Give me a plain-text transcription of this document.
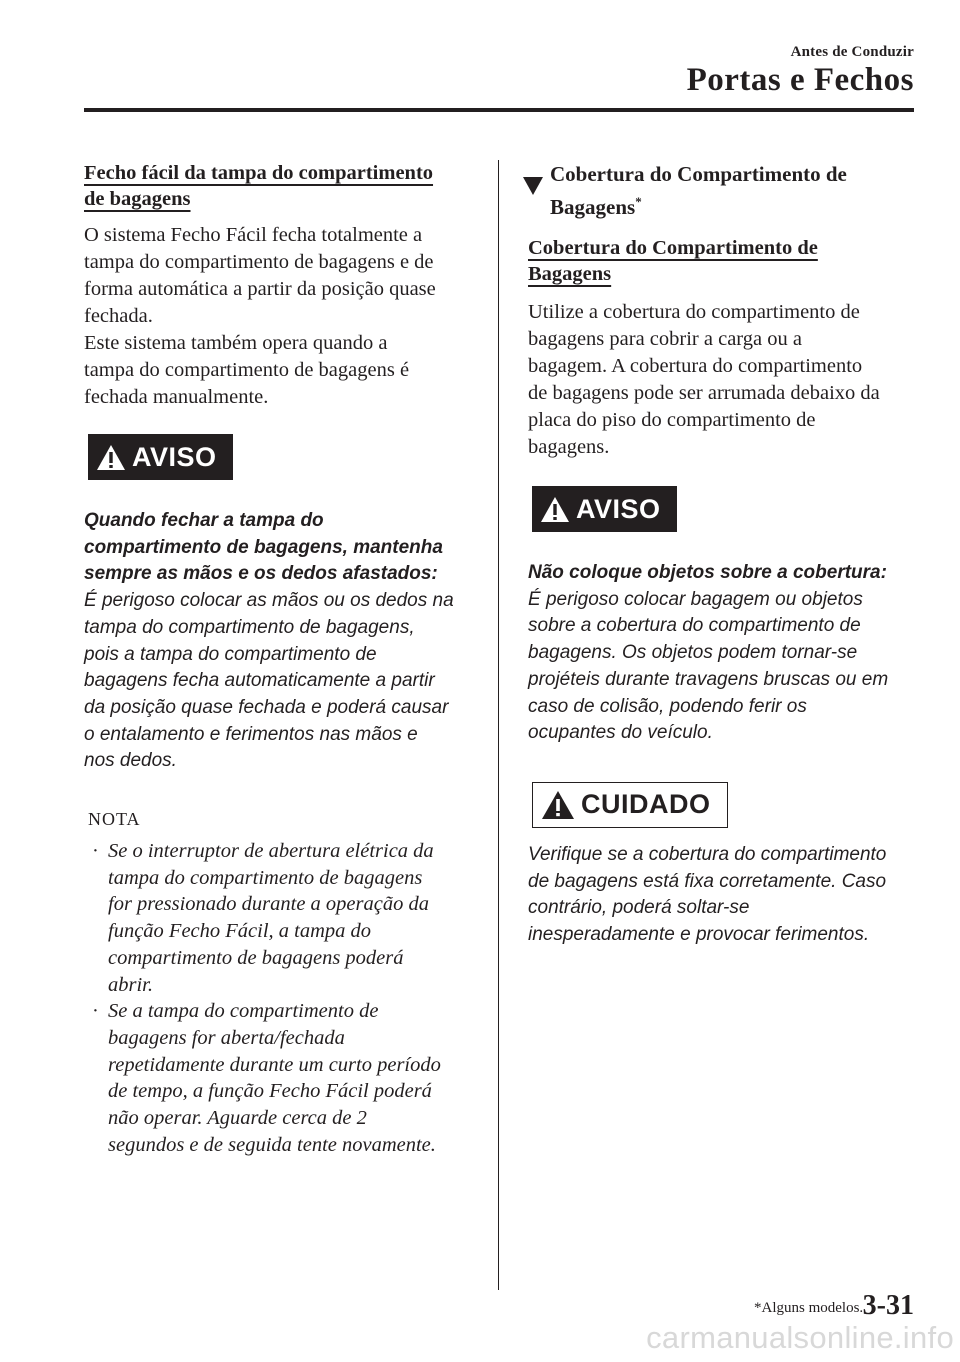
Antes de Conduzir
Portas e Fechos
Fecho fácil da tampa do compartimento
de bagagens

O sistema Fecho Fácil fecha totalmente a
tampa do compartimento de bagagens e de
forma automática a partir da posição quase
fechada.
Este sistema também opera quando a
tampa do compartimento de bagagens é
fechada manualmente.

AVISO

Quando fechar a tampa do
compartimento de bagagens, mantenha
sempre as mãos e os dedos afastados:

É perigoso colocar as mãos ou os dedos na
tampa do compartimento de bagagens,
pois a tampa do compartimento de
bagagens fecha automaticamente a partir
da posição quase fechada e poderá causar
o entalamento e ferimentos nas mãos e
nos dedos.

NOTA

· Se o interruptor de abertura elétrica da
tampa do compartimento de bagagens
for pressionado durante a operação da
função Fecho Fácil, a tampa do
compartimento de bagagens poderá
abrir.
· Se a tampa do compartimento de
bagagens for aberta/fechada
repetidamente durante um curto período
de tempo, a função Fecho Fácil poderá
não operar. Aguarde cerca de 2
segundos e de seguida tente novamente.
Cobertura do Compartimento de
Bagagens*
Cobertura do Compartimento de
Bagagens

Utilize a cobertura do compartimento de
bagagens para cobrir a carga ou a
bagagem. A cobertura do compartimento
de bagagens pode ser arrumada debaixo da
placa do piso do compartimento de
bagagens.

AVISO

Não coloque objetos sobre a cobertura:

É perigoso colocar bagagem ou objetos
sobre a cobertura do compartimento de
bagagens. Os objetos podem tornar-se
projéteis durante travagens bruscas ou em
caso de colisão, podendo ferir os
ocupantes do veículo.

CUIDADO

Verifique se a cobertura do compartimento
de bagagens está fixa corretamente. Caso
contrário, poderá soltar-se
inesperadamente e provocar ferimentos.

*Alguns modelos. 3-31
carmanualsonline.info
